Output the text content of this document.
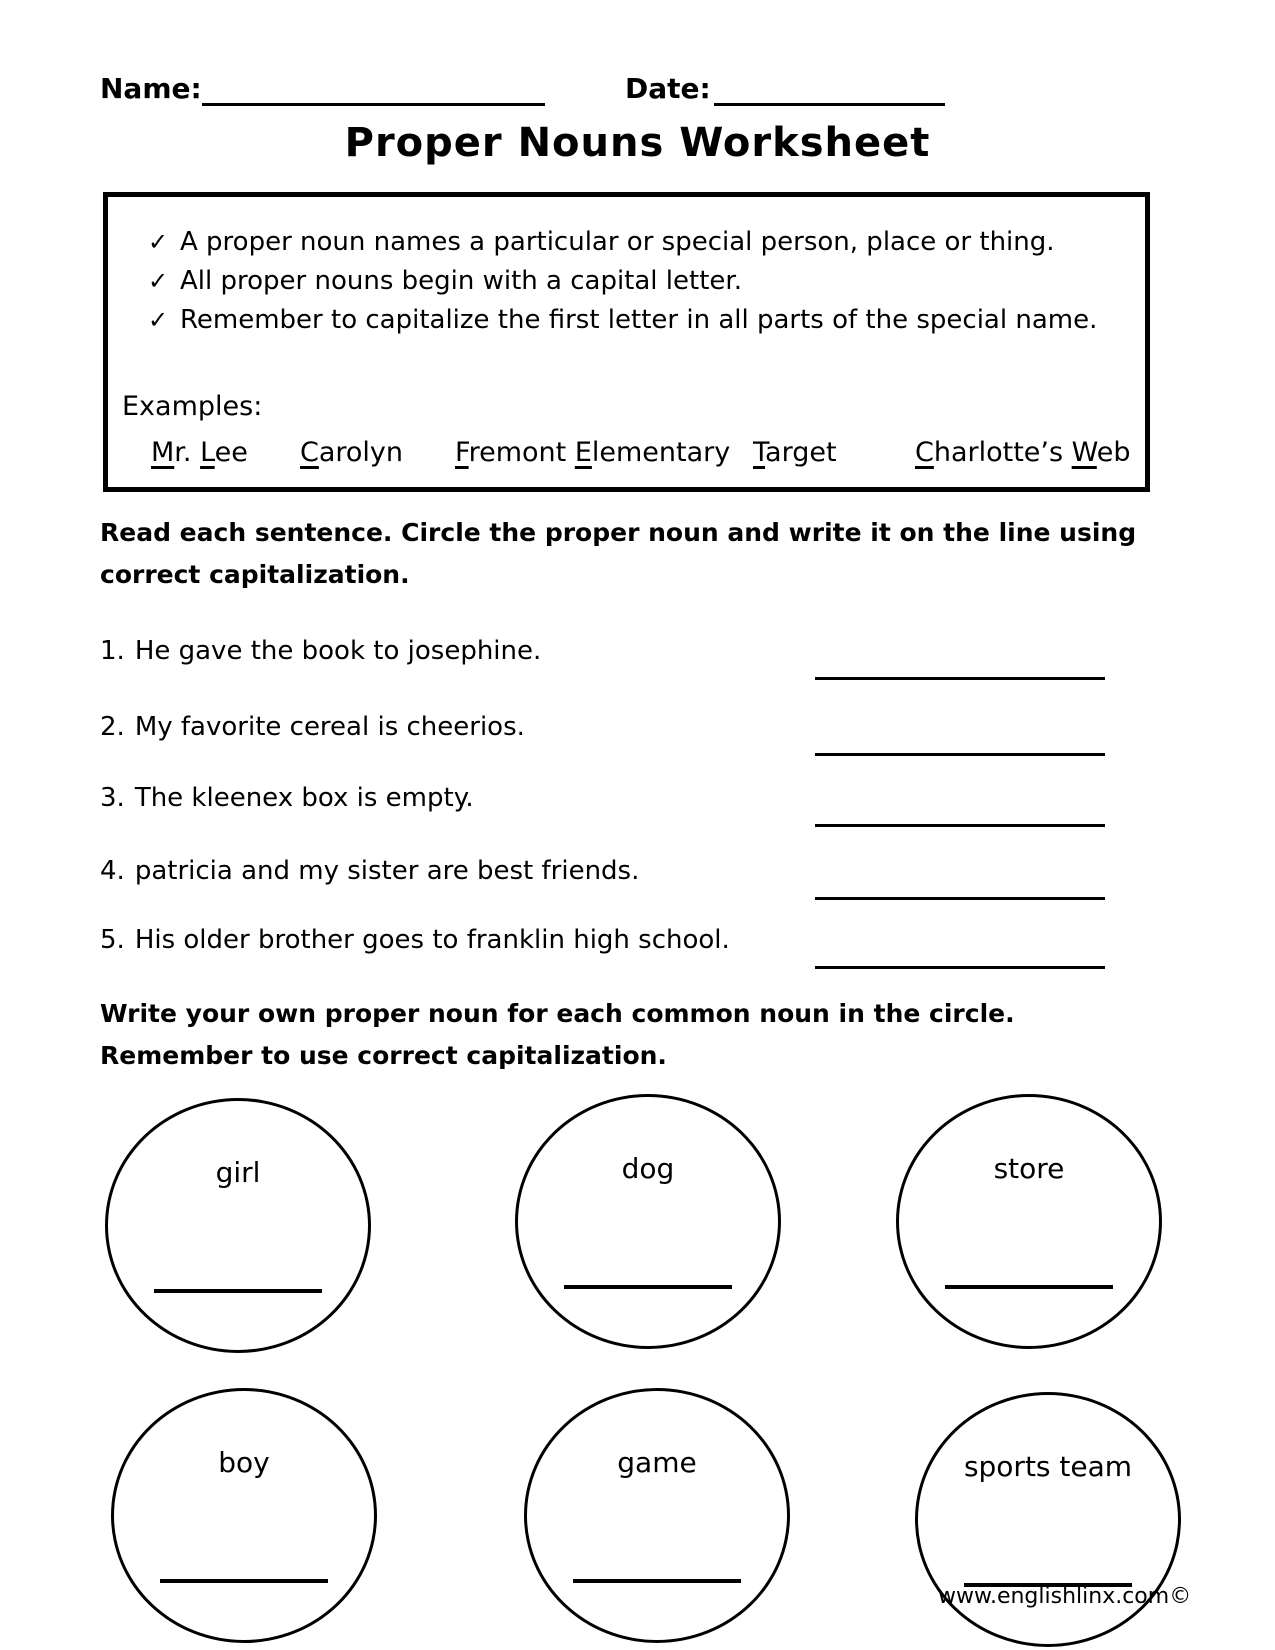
Name:	Date:
Proper Nouns Worksheet
✓ A proper noun names a particular or special person, place or thing.
✓ All proper nouns begin with a capital letter.
✓ Remember to capitalize the first letter in all parts of the special name.
Examples:
Mr. Lee Carolyn Fremont Elementary Target	Charlotte’s Web
Read each sentence. Circle the proper noun and write it on the line using
correct capitalization.
1. He gave the book to josephine.
2. My favorite cereal is cheerios.
3. The kleenex box is empty.
4. patricia and my sister are best friends.
5. His older brother goes to franklin high school.
Write your own proper noun for each common noun in the circle.
Remember to use correct capitalization.
girl	dog	store
boy	game	sports team
www.englishlinx.com©
